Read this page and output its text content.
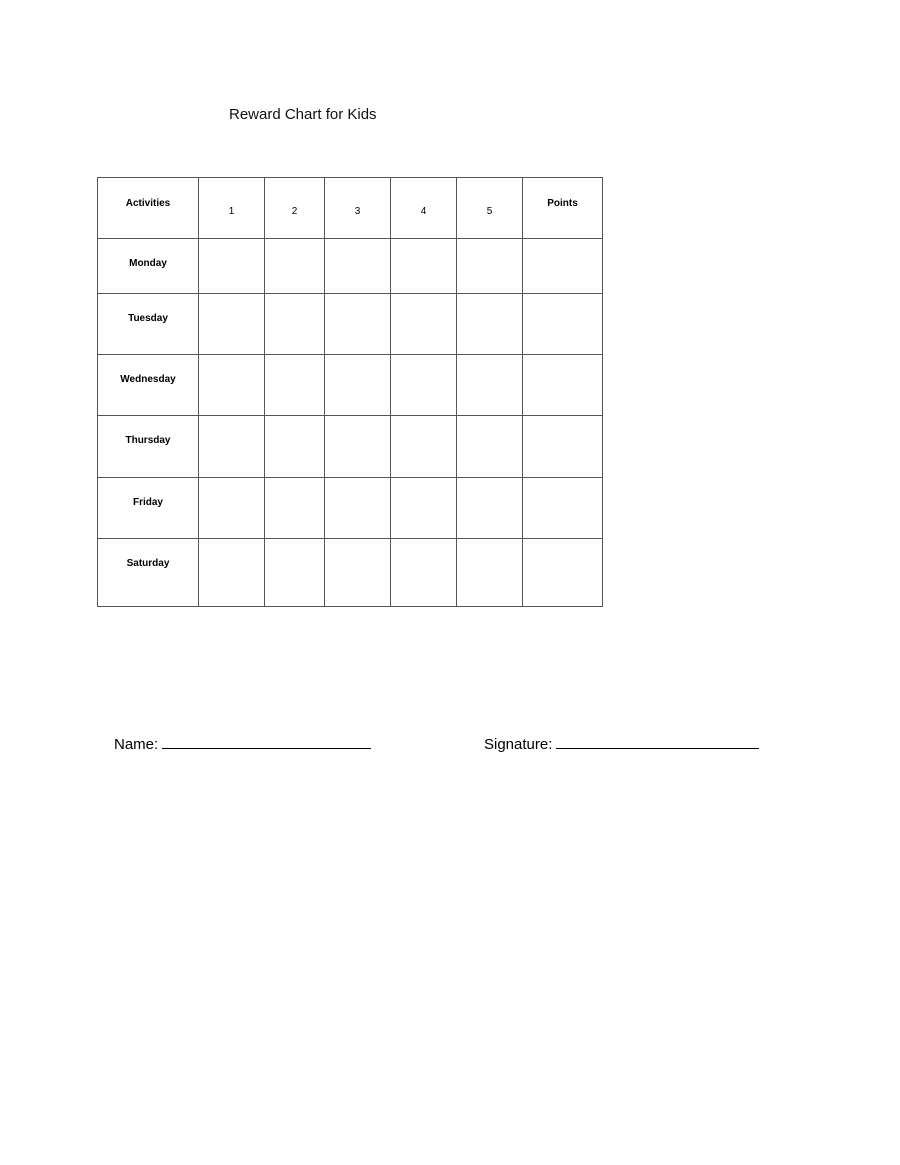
Reward Chart for Kids
Activities	1	2	3	4	5	Points
Monday						
Tuesday						
Wednesday						
Thursday						
Friday						
Saturday						
Name:	Signature:
